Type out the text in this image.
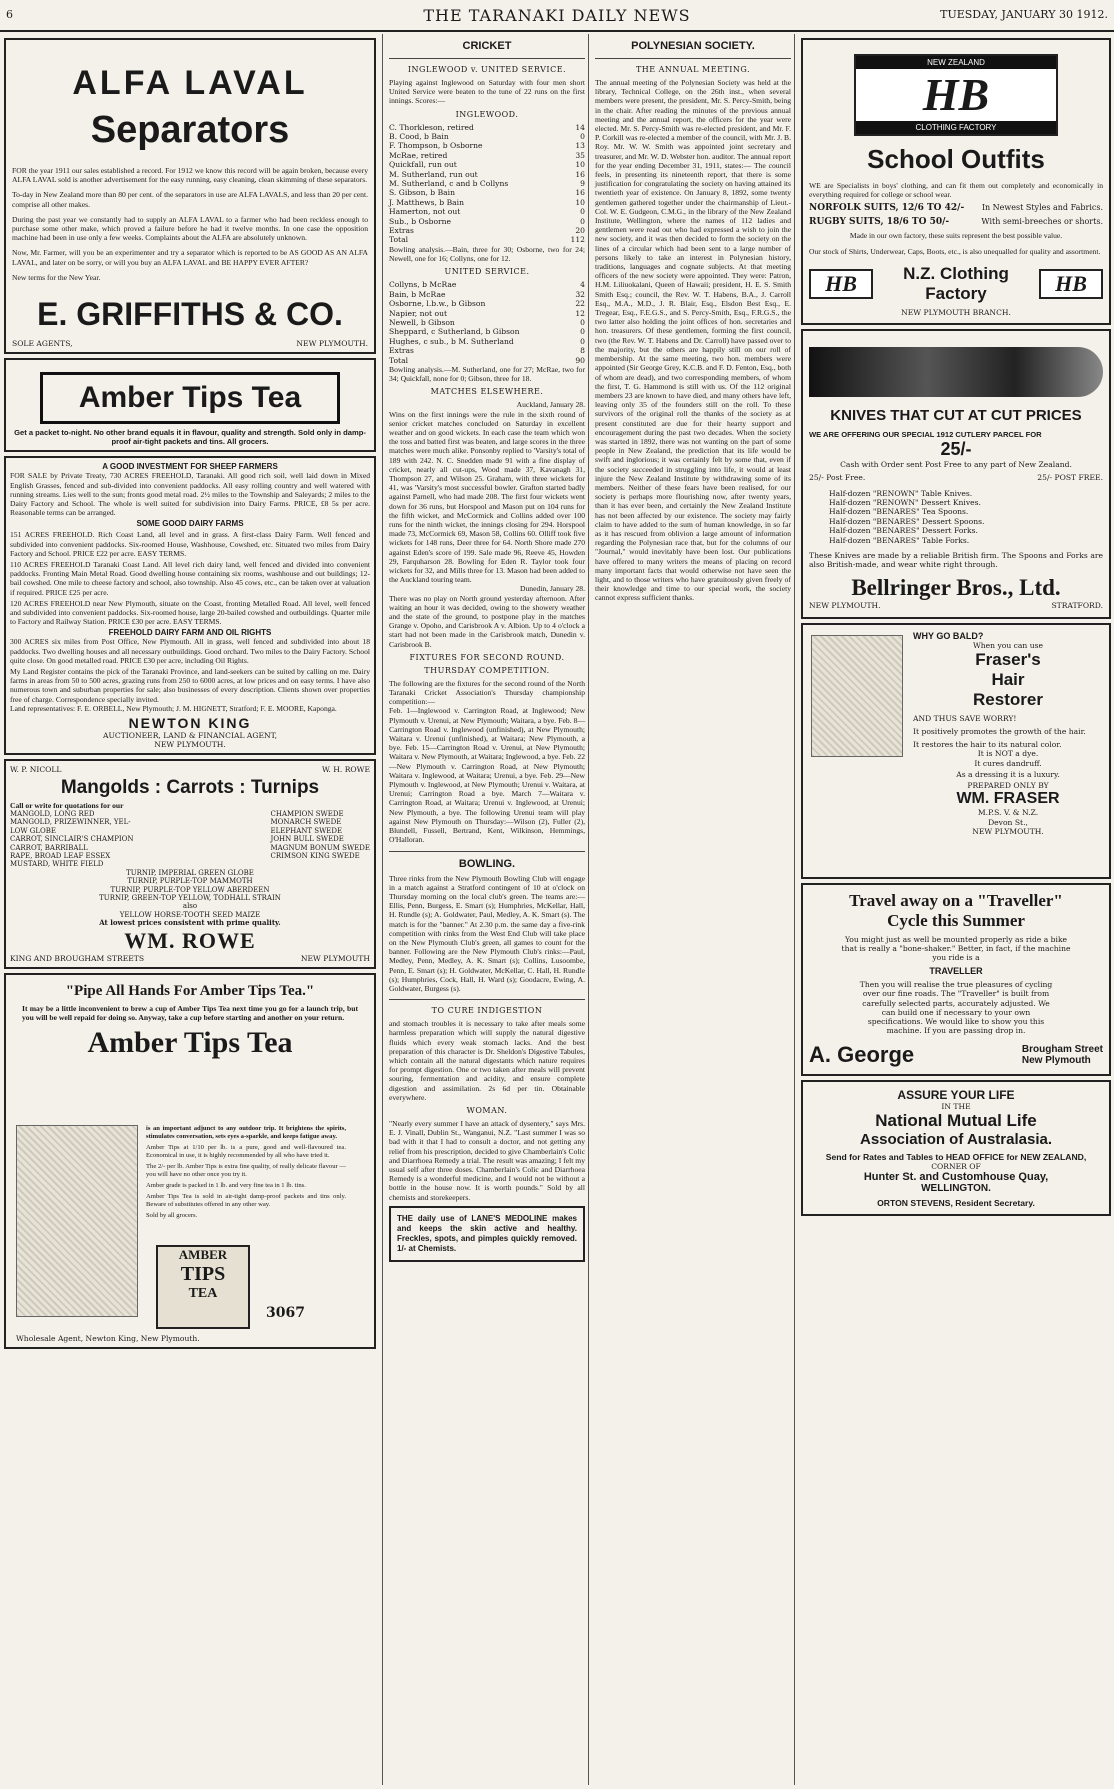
6	THE TARANAKI DAILY NEWS	TUESDAY, JANUARY 30 1912.
ALFA LAVAL
Separators

FOR the year 1911 our sales established a record. For 1912 we know this record will be again broken, because every ALFA LAVAL sold is another advertisement for the easy running, easy cleaning, clean skimming of these separators.

To-day in New Zealand more than 80 per cent. of the separators in use are ALFA LAVALS, and less than 20 per cent. comprise all other makes.

During the past year we constantly had to supply an ALFA LAVAL to a farmer who had been reckless enough to purchase some other make, which proved a failure before he had it twelve months. In one case the opposition machine had been in use only a few weeks. Complaints about the ALFA are absolutely unknown.

Now, Mr. Farmer, will you be an experimenter and try a separator which is reported to be AS GOOD AS AN ALFA LAVAL, and later on be sorry, or will you buy an ALFA LAVAL and BE HAPPY EVER AFTER?

New terms for the New Year.

E. GRIFFITHS & CO.
SOLE AGENTS,	NEW PLYMOUTH.
Amber Tips Tea
Get a packet to-night. No other brand equals it in flavour, quality and strength. Sold only in damp-proof air-tight packets and tins. All grocers.
A GOOD INVESTMENT FOR SHEEP FARMERS
FOR SALE by Private Treaty, 730 ACRES FREEHOLD, Taranaki. All good rich soil, well laid down in Mixed English Grasses, fenced and sub-divided into convenient paddocks. All easy rolling country and well watered with running streams. Lies well to the sun; fronts good metal road. 2½ miles to the Township and Saleyards; 2 miles to the Dairy Factory and School. The whole is well suited for subdivision into Dairy Farms. PRICE, £8 5s per acre. Reasonable terms can be arranged.
SOME GOOD DAIRY FARMS
151 ACRES FREEHOLD. Rich Coast Land, all level and in grass. A first-class Dairy Farm. Well fenced and subdivided into convenient paddocks. Six-roomed House, Washhouse, Cowshed, etc. Situated two miles from Dairy Factory and School. PRICE £22 per acre. EASY TERMS.
110 ACRES FREEHOLD Taranaki Coast Land. All level rich dairy land, well fenced and divided into convenient paddocks. Fronting Main Metal Road. Good dwelling house containing six rooms, washhouse and out buildings; 12-bail cowshed. One mile to cheese factory and school, also township. Also 45 cows, etc., can be taken over at valuation if required. PRICE £25 per acre.
120 ACRES FREEHOLD near New Plymouth, situate on the Coast, fronting Metalled Road. All level, well fenced and subdivided into convenient paddocks. Six-roomed house, large 20-bailed cowshed and outbuildings. Quarter mile to Factory and Railway Station. PRICE £30 per acre. EASY TERMS.
FREEHOLD DAIRY FARM AND OIL RIGHTS
300 ACRES six miles from Post Office, New Plymouth. All in grass, well fenced and subdivided into about 18 paddocks. Two dwelling houses and all necessary outbuildings. Good orchard. Two miles to the Dairy Factory. School quite close. On good metalled road. PRICE £30 per acre, including Oil Rights.
My Land Register contains the pick of the Taranaki Province, and land-seekers can be suited by calling on me. Dairy farms in areas from 50 to 500 acres, grazing runs from 250 to 6000 acres, at low prices and on easy terms. I have also numerous town and suburban properties for sale; also businesses of every description. Clients shown over properties free of charge. Correspondence specially invited.
Land representatives: F. E. ORBELL, New Plymouth; J. M. HIGNETT, Stratford; F. E. MOORE, Kaponga.
NEWTON KING
AUCTIONEER, LAND & FINANCIAL AGENT,
NEW PLYMOUTH.
W. P. NICOLL	W. H. ROWE
Mangolds : Carrots : Turnips
Call or write for quotations for our
MANGOLD, LONG RED
MANGOLD, PRIZEWINNER, YEL-
LOW GLOBE
CARROT, SINCLAIR'S CHAMPION
CARROT, BARRIBALL
RAPE, BROAD LEAF ESSEX
MUSTARD, WHITE FIELD
CHAMPION SWEDE
MONARCH SWEDE
ELEPHANT SWEDE
JOHN BULL SWEDE
MAGNUM BONUM SWEDE
CRIMSON KING SWEDE
TURNIP, IMPERIAL GREEN GLOBE
TURNIP, PURPLE-TOP MAMMOTH
TURNIP, PURPLE-TOP YELLOW ABERDEEN
TURNIP, GREEN-TOP YELLOW, TODHALL STRAIN
also
YELLOW HORSE-TOOTH SEED MAIZE
At lowest prices consistent with prime quality.
WM. ROWE
KING AND BROUGHAM STREETS	NEW PLYMOUTH
"Pipe All Hands For Amber Tips Tea."
It may be a little inconvenient to brew a cup of Amber Tips Tea next time you go for a launch trip, but you will be well repaid for doing so. Anyway, take a cup before starting and another on your return.
Amber Tips Tea

is an important adjunct to any outdoor trip. It brightens the spirits, stimulates conversation, sets eyes a-sparkle, and keeps fatigue away.

Amber Tips at 1/10 per lb. is a pure, good and well-flavoured tea. Economical in use, it is highly recommended by all who have tried it.

The 2/- per lb. Amber Tips is extra fine quality, of really delicate flavour — you will have no other once you try it.

Amber grade is packed in 1 lb. and very fine tea in 1 lb. tins.

Amber Tips Tea is sold in air-tight damp-proof packets and tins only. Beware of substitutes offered in any other way.

Sold by all grocers.

AMBER
TIPS
TEA
3067
Wholesale Agent, Newton King, New Plymouth.
CRICKET
INGLEWOOD v. UNITED SERVICE.
Playing against Inglewood on Saturday with four men short United Service were beaten to the tune of 22 runs on the first innings. Scores:—
INGLEWOOD.
C. Thorkleson, retired	14
B. Cood, b Bain	0
F. Thompson, b Osborne	13
McRae, retired	35
Quickfall, run out	10
M. Sutherland, run out	16
M. Sutherland, c and b Collyns	9
S. Gibson, b Bain	16
J. Matthews, b Bain	10
Hamerton, not out	0
Sub., b Osborne	0
Extras	20
Total	112
Bowling analysis.—Bain, three for 30; Osborne, two for 24; Newell, one for 16; Collyns, one for 12.
UNITED SERVICE.
Collyns, b McRae	4
Bain, b McRae	32
Osborne, l.b.w., b Gibson	22
Napier, not out	12
Newell, b Gibson	0
Sheppard, c Sutherland, b Gibson	0
Hughes, c sub., b M. Sutherland	0
Extras	8
Total	90
Bowling analysis.—M. Sutherland, one for 27; McRae, two for 34; Quickfall, none for 0; Gibson, three for 18.
MATCHES ELSEWHERE.
Auckland, January 28.
Wins on the first innings were the rule in the sixth round of senior cricket matches concluded on Saturday in excellent weather and on good wickets. In each case the team which won the toss and batted first was beaten, and large scores in the three matches were much alike. Ponsonby replied to 'Varsity's total of 189 with 242. N. C. Snedden made 91 with a fine display of cricket, nearly all cut-ups, Wood made 37, Kavanagh 31, Thompson 27, and Wilson 25. Graham, with three wickets for 41, was 'Varsity's most successful bowler. Grafton started badly against Parnell, who had made 208. The first four wickets went down for 36 runs, but Horspool and Mason put on 104 runs for the fifth wicket, and McCormick and Collins added over 100 runs for the ninth wicket, the innings closing for 294. Horspool made 73, McCormick 69, Mason 58, Collins 60. Olliff took five wickets for 148 runs, Deer three for 64. North Shore made 270 against Eden's score of 199. Sale made 96, Reeve 45, Howden 29, Farquharson 28. Bowling for Eden R. Taylor took four wickets for 32, and Mills three for 13. Mason had been added to the Auckland touring team.
Dunedin, January 28.
There was no play on North ground yesterday afternoon. After waiting an hour it was decided, owing to the showery weather and the state of the ground, to postpone play in the matches Grange v. Opoho, and Carisbrook A v. Albion. Up to 4 o'clock a start had not been made in the Carisbrook match, Dunedin v. Carisbrook B.
FIXTURES FOR SECOND ROUND.
THURSDAY COMPETITION.
The following are the fixtures for the second round of the North Taranaki Cricket Association's Thursday championship competition:—
Feb. 1—Inglewood v. Carrington Road, at Inglewood; New Plymouth v. Urenui, at New Plymouth; Waitara, a bye. Feb. 8—Carrington Road v. Inglewood (unfinished), at New Plymouth; Waitara v. Urenui (unfinished), at Waitara; New Plymouth, a bye. Feb. 15—Carrington Road v. Urenui, at New Plymouth; Waitara v. New Plymouth, at Waitara; Inglewood, a bye. Feb. 22—New Plymouth v. Carrington Road, at New Plymouth; Waitara v. Inglewood, at Waitara; Urenui, a bye. Feb. 29—New Plymouth v. Inglewood, at New Plymouth; Urenui v. Waitara, at Urenui; Carrington Road a bye. March 7—Waitara v. Carrington Road, at Waitara; Urenui v. Inglewood, at Urenui; New Plymouth, a bye. The following Urenui team will play against New Plymouth on Thursday:—Wilson (2), Fuller (2), Blundell, Fussell, Bertrand, Kent, Wilkinson, Hemmings, O'Halloran.
BOWLING.
Three rinks from the New Plymouth Bowling Club will engage in a match against a Stratford contingent of 10 at o'clock on Thursday morning on the local club's green. The teams are:—Ellis, Penn, Burgess, E. Smart (s); Humphries, McKellar, Hall, H. Rundle (s); A. Goldwater, Paul, Medley, A. K. Smart (s). The match is for the "banner." At 2.30 p.m. the same day a five-rink competition with rinks from the West End Club will take place on the New Plymouth Club's green, all games to count for the banner. Following are the New Plymouth Club's rinks:—Paul, Medley, Penn, Medley, A. K. Smart (s); Collins, Lusoombe, Penn, E. Smart (s); H. Goldwater, McKellar, C. Hall, H. Rundle (s); Humphries, Cock, Hall, H. Ward (s); Goodacre, Ewing, A. Goldwater, Burgess (s).
TO CURE INDIGESTION
and stomach troubles it is necessary to take after meals some harmless preparation which will supply the natural digestive fluids which every weak stomach lacks. And the best preparation of this character is Dr. Sheldon's Digestive Tabules, which contain all the natural digestants which nature requires for prompt digestion. One or two taken after meals will prevent souring, fermentation and acidity, and ensure complete digestion and assimilation. 2s 6d per tin. Obtainable everywhere.
WOMAN.
"Nearly every summer I have an attack of dysentery," says Mrs. E. J. Vinall, Dublin St., Wanganui, N.Z. "Last summer I was so bad with it that I had to consult a doctor, and not getting any relief from his prescription, decided to give Chamberlain's Colic and Diarrhoea Remedy a trial. The result was amazing; I felt my usual self after three doses. Chamberlain's Colic and Diarrhoea Remedy is a wonderful medicine, and I would not be without a bottle in the house now. It is worth pounds." Sold by all chemists and storekeepers.
THE daily use of LANE'S MEDOLINE makes and keeps the skin active and healthy. Freckles, spots, and pimples quickly removed. 1/- at Chemists.
POLYNESIAN SOCIETY.
THE ANNUAL MEETING.
The annual meeting of the Polynesian Society was held at the library, Technical College, on the 26th inst., when several members were present, the president, Mr. S. Percy-Smith, being in the chair. After reading the minutes of the previous annual meeting and the annual report, the officers for the year were elected. Mr. S. Percy-Smith was re-elected president, and Mr. F. P. Corkill was re-elected a member of the council, with Mr. J. B. Roy. Mr. W. W. Smith was appointed joint secretary and treasurer, and Mr. W. D. Webster hon. auditor. The annual report for the year ending December 31, 1911, states:— The council feels, in presenting its nineteenth report, that there is some justification for congratulating the society on having attained its twentieth year of existence. On January 8, 1892, some twenty gentlemen gathered together under the chairmanship of Lieut.-Col. W. E. Gudgeon, C.M.G., in the library of the New Zealand Institute, Wellington, where the names of 112 ladies and gentlemen were read out who had expressed a wish to join the new society, and it was then decided to form the society on the lines of a circular which had been sent to a large number of persons likely to take an interest in Polynesian history, traditions, languages and cognate subjects. At that meeting officers of the new society were appointed. They were: Patron, H.M. Liliuokalani, Queen of Hawaii; president, H. E. S. Smith Smith Esq.; council, the Rev. W. T. Habens, B.A., J. Carroll Esq., M.A., M.D., J. R. Blair, Esq., Elsdon Best Esq., E. Tregear, Esq., F.E.G.S., and S. Percy-Smith, Esq., F.R.G.S., the two latter also holding the joint offices of hon. secretaries and hon. treasurers. Of these gentlemen, forming the first council, two (the Rev. W. T. Habens and Dr. Carroll) have passed over to the majority, but the others are happily still on our roll of membership. At the same meeting, two hon. members were appointed (Sir George Grey, K.C.B. and F. D. Fenton, Esq., both of whom are dead), and two corresponding members, of whom the first, T. G. Hammond is still with us. Of the 112 original members 23 are known to have died, and many others have left, leaving only 35 of the founders still on the roll. To these survivors of the original roll the thanks of the society as at present constituted are due for their hearty support and encouragement during the past two decades. When the society was started in 1892, there was not wanting on the part of some people in New Zealand, the prediction that its life would be swift and inglorious; it was certainly felt by some that, even if the society succeeded in struggling into life, it would at least injure the New Zealand Institute by withdrawing some of its members. Neither of these fears have been realised, for our society is perhaps more flourishing now, after twenty years, than it has ever been, and certainly the New Zealand Institute has not been affected by our existence. The society may fairly claim to have added to the sum of human knowledge, in so far as it has rescued from oblivion a large amount of information regarding the Polynesian race that, but for the columns of our "Journal," would inevitably have been lost. Our publications have offered to many writers the means of placing on record many important facts that would otherwise not have seen the light, and to those writers who have gratuitously given freely of their knowledge and time to our special work, the society cannot express sufficient thanks.
NEW ZEALAND
HB
CLOTHING FACTORY
School Outfits
WE are Specialists in boys' clothing, and can fit them out completely and economically in everything required for college or school wear.
NORFOLK SUITS, 12/6 TO 42/- In Newest Styles and Fabrics.
RUGBY SUITS, 18/6 TO 50/-	With semi-breeches or shorts.
Made in our own factory, these suits represent the best possible value.
Our stock of Shirts, Underwear, Caps, Boots, etc., is also unequalled for quality and assortment.
HB	N.Z. Clothing
Factory	HB
NEW PLYMOUTH BRANCH.
KNIVES THAT CUT AT CUT PRICES
WE ARE OFFERING OUR SPECIAL 1912 CUTLERY PARCEL FOR
25/-
Cash with Order sent Post Free to any part of New Zealand.
25/- Post Free.	25/- POST FREE.
Half-dozen "RENOWN" Table Knives.
Half-dozen "RENOWN" Dessert Knives.
Half-dozen "BENARES" Tea Spoons.
Half-dozen "BENARES" Dessert Spoons.
Half-dozen "BENARES" Dessert Forks.
Half-dozen "BENARES" Table Forks.
These Knives are made by a reliable British firm. The Spoons and Forks are also British-made, and wear white right through.
Bellringer Bros., Ltd.
NEW PLYMOUTH.	STRATFORD.
WHY GO BALD?
When you can use
Fraser's
Hair
Restorer
AND THUS SAVE WORRY!
It positively promotes the growth of the hair.
It restores the hair to its natural color.
It is NOT a dye.
It cures dandruff.
As a dressing it is a luxury.
PREPARED ONLY BY
WM. FRASER
M.P.S. V. & N.Z.
Devon St.,
NEW PLYMOUTH.
Travel away on a "Traveller"
Cycle this Summer
You might just as well be mounted properly as ride a bike that is really a "bone-shaker." Better, in fact, if the machine you ride is a
TRAVELLER
Then you will realise the true pleasures of cycling over our fine roads. The "Traveller" is built from carefully selected parts, accurately adjusted. We can build one if necessary to your own specifications. We would like to show you this machine. If you are passing drop in.
A. George	Brougham Street
New Plymouth
ASSURE YOUR LIFE
IN THE
National Mutual Life
Association of Australasia.
Send for Rates and Tables to HEAD OFFICE for NEW ZEALAND,
CORNER OF
Hunter St. and Customhouse Quay,
WELLINGTON.
ORTON STEVENS, Resident Secretary.
